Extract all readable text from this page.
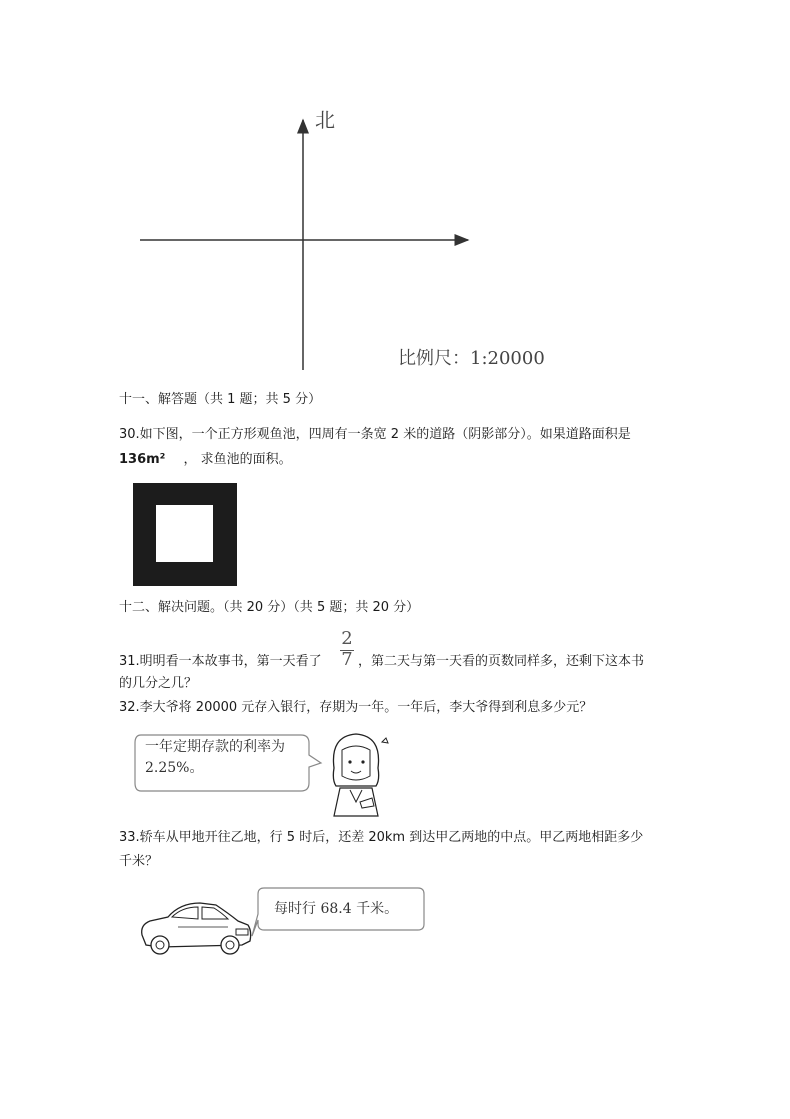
北
比例尺：1:20000
十一、解答题（共 1 题；共 5 分）
30.如下图，一个正方形观鱼池，四周有一条宽 2 米的道路（阴影部分）。如果道路面积是
136m² ， 求鱼池的面积。
十二、解决问题。（共 20 分）（共 5 题；共 20 分）
31.明明看一本故事书，第一天看了
2
7 ，第二天与第一天看的页数同样多，还剩下这本书
的几分之几？
32.李大爷将 20000 元存入银行，存期为一年。一年后，李大爷得到利息多少元？
一年定期存款的利率为
2.25%。
33.轿车从甲地开往乙地，行 5 时后，还差 20km 到达甲乙两地的中点。甲乙两地相距多少
千米？
每时行 68.4 千米。
